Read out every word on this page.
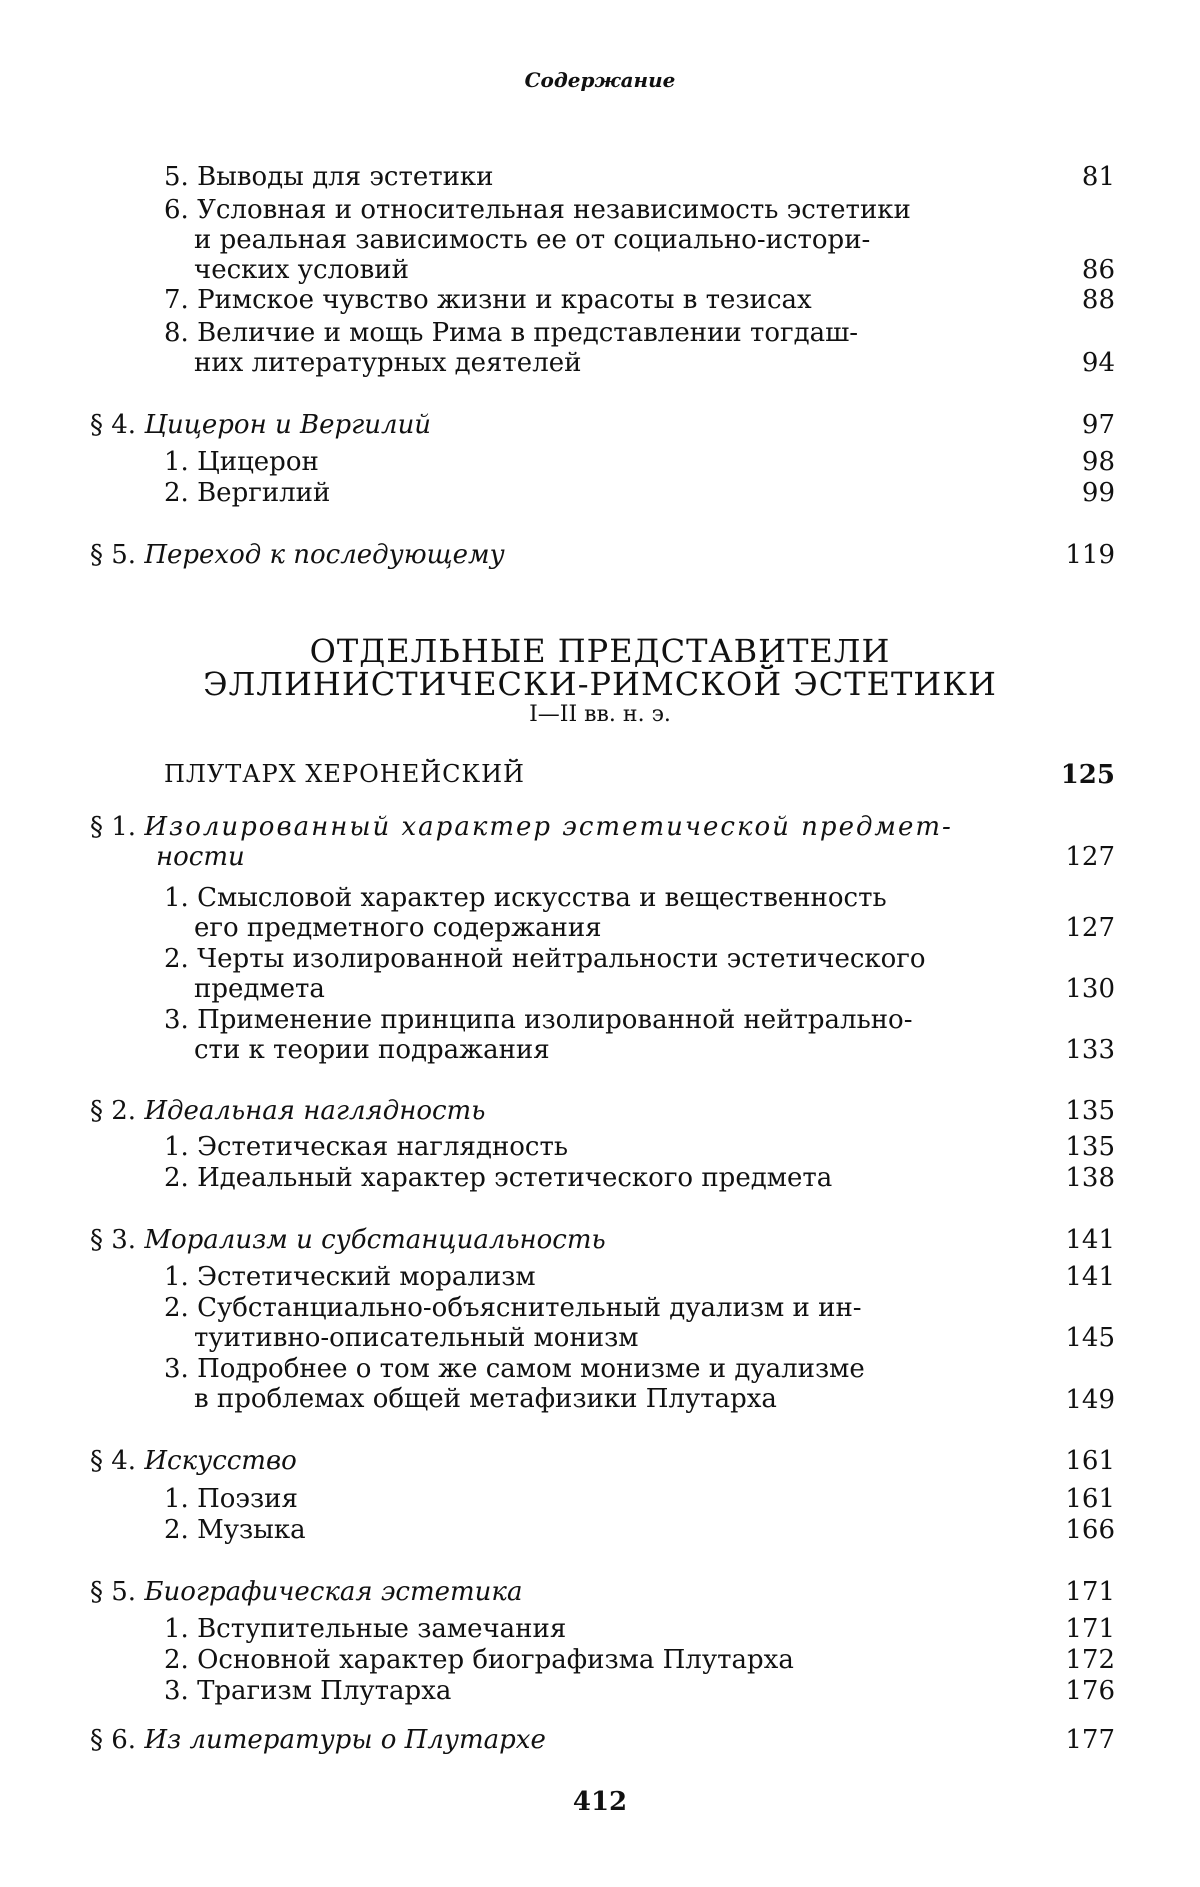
Содержание
5. Выводы для эстетики	81
6. Условная и относительная независимость эстетики
и реальная зависимость ее от социально-истори-
ческих условий	86
7. Римское чувство жизни и красоты в тезисах	88
8. Величие и мощь Рима в представлении тогдаш-
них литературных деятелей	94
§ 4. Цицерон и Вергилий	97
1. Цицерон	98
2. Вергилий	99
§ 5. Переход к последующему	119
ОТДЕЛЬНЫЕ ПРЕДСТАВИТЕЛИ
ЭЛЛИНИСТИЧЕСКИ-РИМСКОЙ ЭСТЕТИКИ
I—II вв. н. э.
ПЛУТАРХ ХЕРОНЕЙСКИЙ	125
§ 1. Изолированный характер эстетической предмет-
ности	127
1. Смысловой характер искусства и вещественность
его предметного содержания	127
2. Черты изолированной нейтральности эстетического
предмета	130
3. Применение принципа изолированной нейтрально-
сти к теории подражания	133
§ 2. Идеальная наглядность	135
1. Эстетическая наглядность	135
2. Идеальный характер эстетического предмета	138
§ 3. Морализм и субстанциальность	141
1. Эстетический морализм	141
2. Субстанциально-объяснительный дуализм и ин-
туитивно-описательный монизм	145
3. Подробнее о том же самом монизме и дуализме
в проблемах общей метафизики Плутарха	149
§ 4. Искусство	161
1. Поэзия	161
2. Музыка	166
§ 5. Биографическая эстетика	171
1. Вступительные замечания	171
2. Основной характер биографизма Плутарха	172
3. Трагизм Плутарха	176
§ 6. Из литературы о Плутархе	177
412
